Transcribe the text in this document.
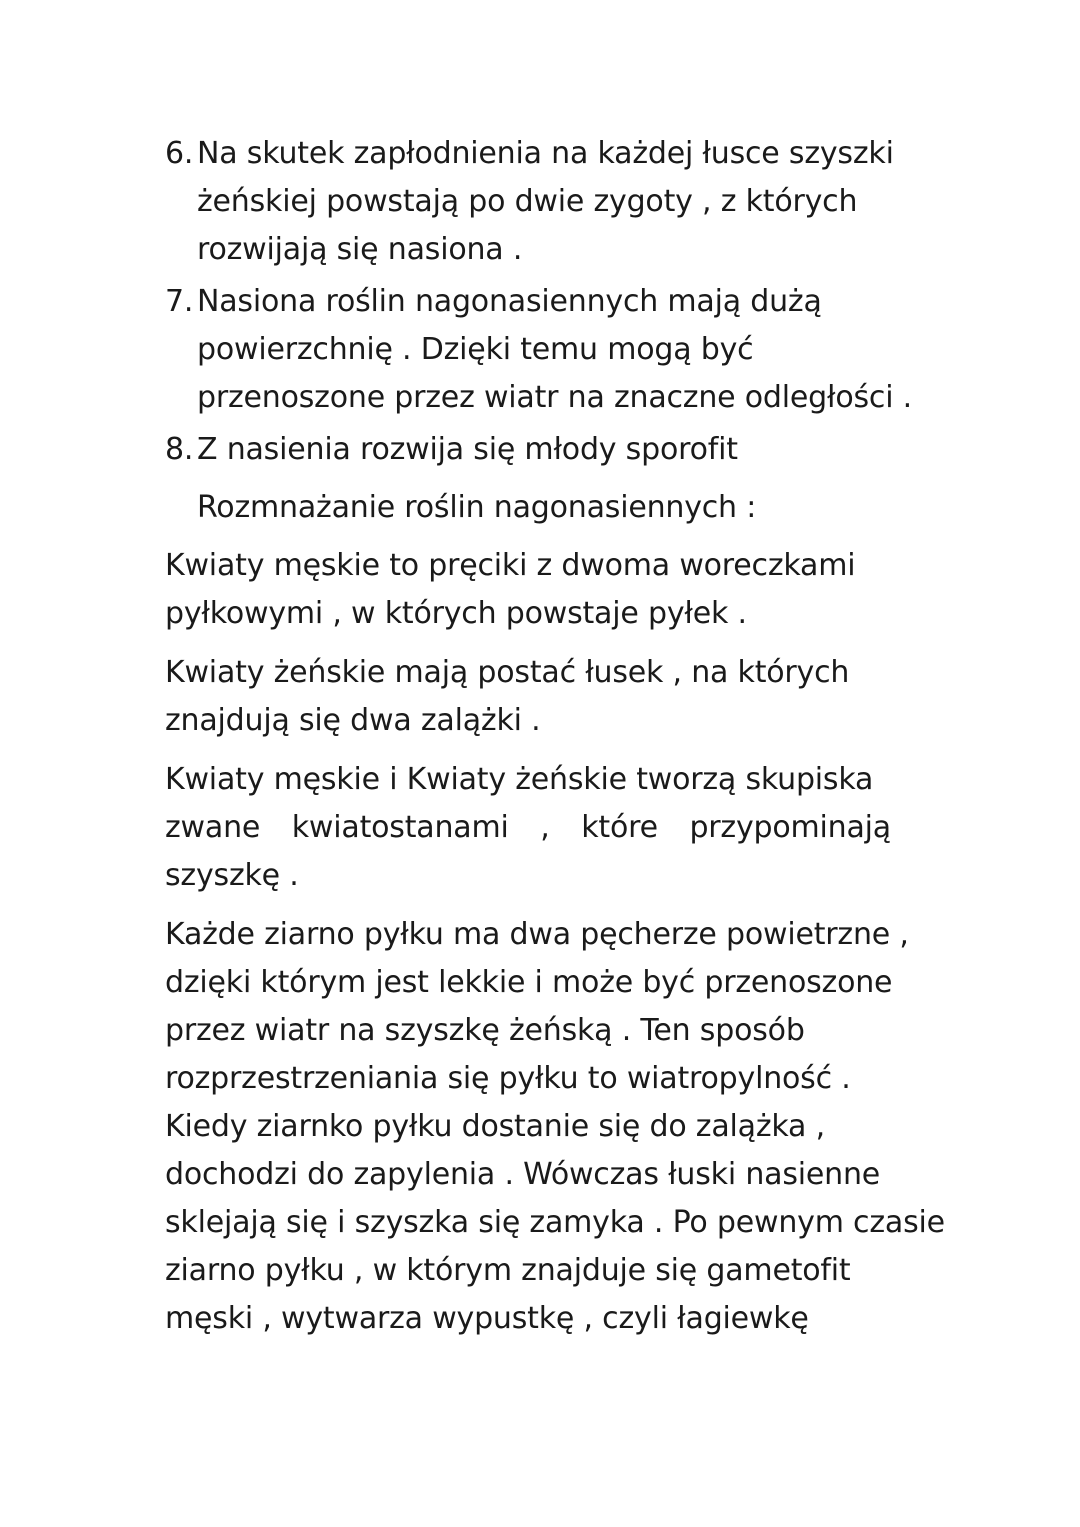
6. Na skutek zapłodnienia na każdej łusce szyszki
żeńskiej powstają po dwie zygoty , z których
rozwijają się nasiona .
7. Nasiona roślin nagonasiennych mają dużą
powierzchnię . Dzięki temu mogą być
przenoszone przez wiatr na znaczne odległości .
8. Z nasienia rozwija się młody sporofit
Rozmnażanie roślin nagonasiennych :
Kwiaty męskie to pręciki z dwoma woreczkami
pyłkowymi , w których powstaje pyłek .
Kwiaty żeńskie mają postać łusek , na których
znajdują się dwa zalążki .
Kwiaty męskie i Kwiaty żeńskie tworzą skupiska
zwane kwiatostanami , które przypominają
szyszkę .
Każde ziarno pyłku ma dwa pęcherze powietrzne ,
dzięki którym jest lekkie i może być przenoszone
przez wiatr na szyszkę żeńską . Ten sposób
rozprzestrzeniania się pyłku to wiatropylność .
Kiedy ziarnko pyłku dostanie się do zalążka ,
dochodzi do zapylenia . Wówczas łuski nasienne
sklejają się i szyszka się zamyka . Po pewnym czasie
ziarno pyłku , w którym znajduje się gametofit
męski , wytwarza wypustkę , czyli łagiewkę
